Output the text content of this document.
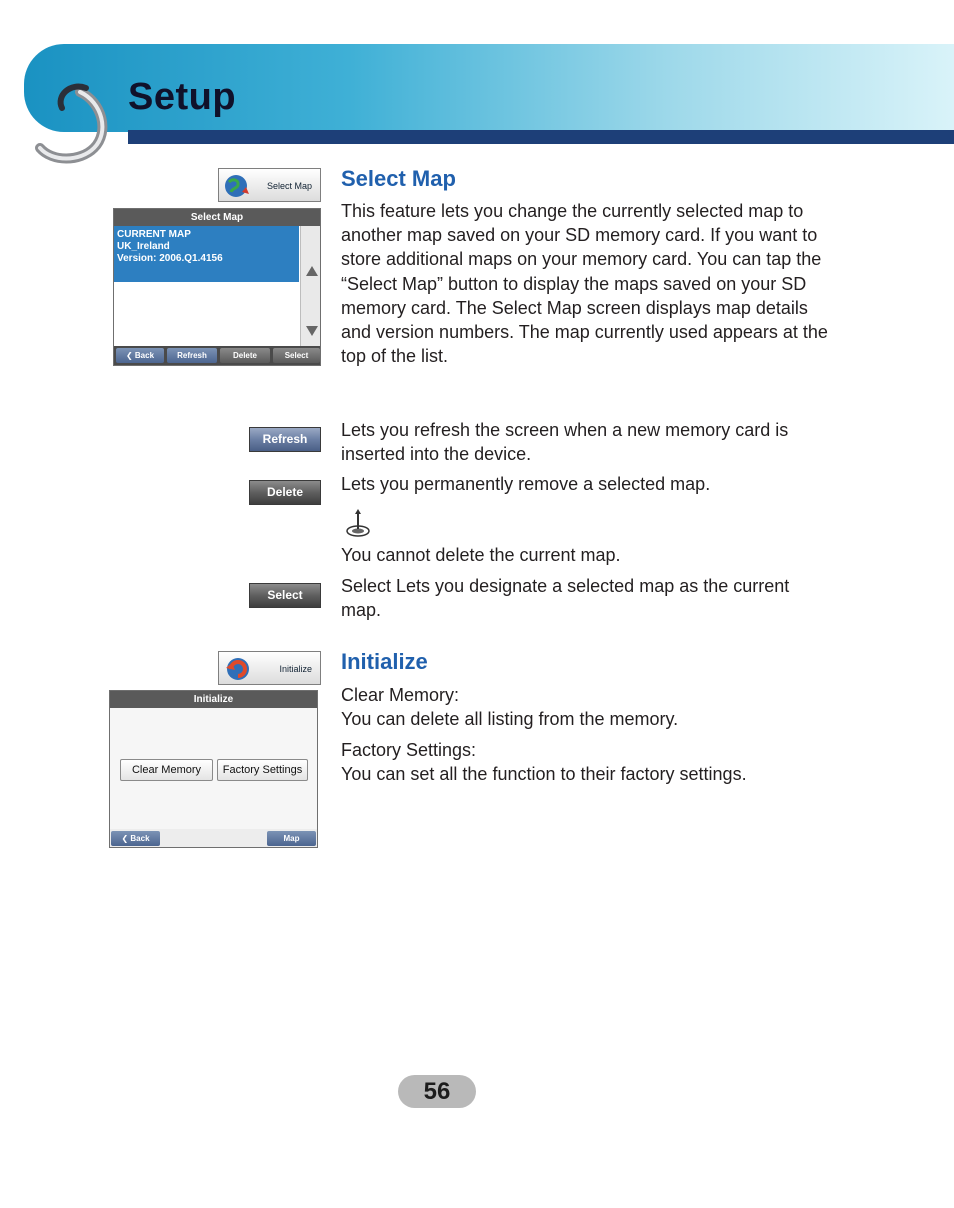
Setup
Select Map Select Map
This feature lets you change the currently selected map to another map saved on your SD memory card. If you want to store additional maps on your memory card. You can tap the “Select Map” button to display the maps saved on your SD memory card. The Select Map screen displays map details and version numbers. The map currently used appears at the top of the list.
Select Map
CURRENT MAP
UK_Ireland
Version: 2006.Q1.4156
❮ Back	Refresh	Delete	Select
Refresh	Lets you refresh the screen when a new memory card is inserted into the device.
Delete	Lets you permanently remove a selected map.
You cannot delete the current map.
Select	Select Lets you designate a selected map as the current map.
Initialize Initialize
Clear Memory:
You can delete all listing from the memory.
Factory Settings:
You can set all the function to their factory settings.
Initialize
Clear Memory	Factory Settings
❮ Back	Map
56
